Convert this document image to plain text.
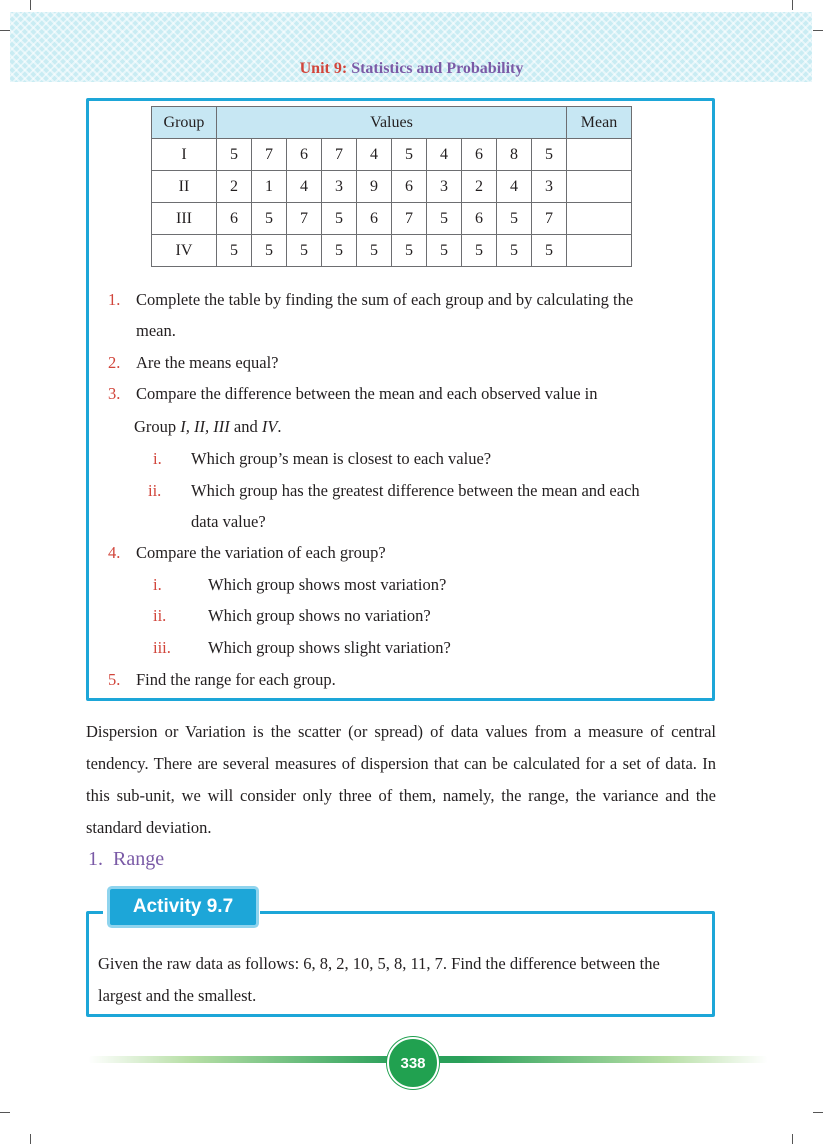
Unit 9: Statistics and Probability
Group	Values										Mean
I	5	7	6	7	4	5	4	6	8	5	
II	2	1	4	3	9	6	3	2	4	3	
III	6	5	7	5	6	7	5	6	5	7	
IV	5	5	5	5	5	5	5	5	5	5	
1. Complete the table by finding the sum of each group and by calculating the
mean.
2. Are the means equal?
3. Compare the difference between the mean and each observed value in
Group I, II, III and IV.
i. Which group’s mean is closest to each value?
ii. Which group has the greatest difference between the mean and each
data value?
4. Compare the variation of each group?
i.	Which group shows most variation?
ii.	Which group shows no variation?
iii. Which group shows slight variation?
5. Find the range for each group.
Dispersion or Variation is the scatter (or spread) of data values from a measure of central tendency. There are several measures of dispersion that can be calculated for a set of data. In this sub-unit, we will consider only three of them, namely, the range, the variance and the standard deviation.
1. Range
Activity 9.7
Given the raw data as follows: 6, 8, 2, 10, 5, 8, 11, 7. Find the difference between the largest and the smallest.
338
